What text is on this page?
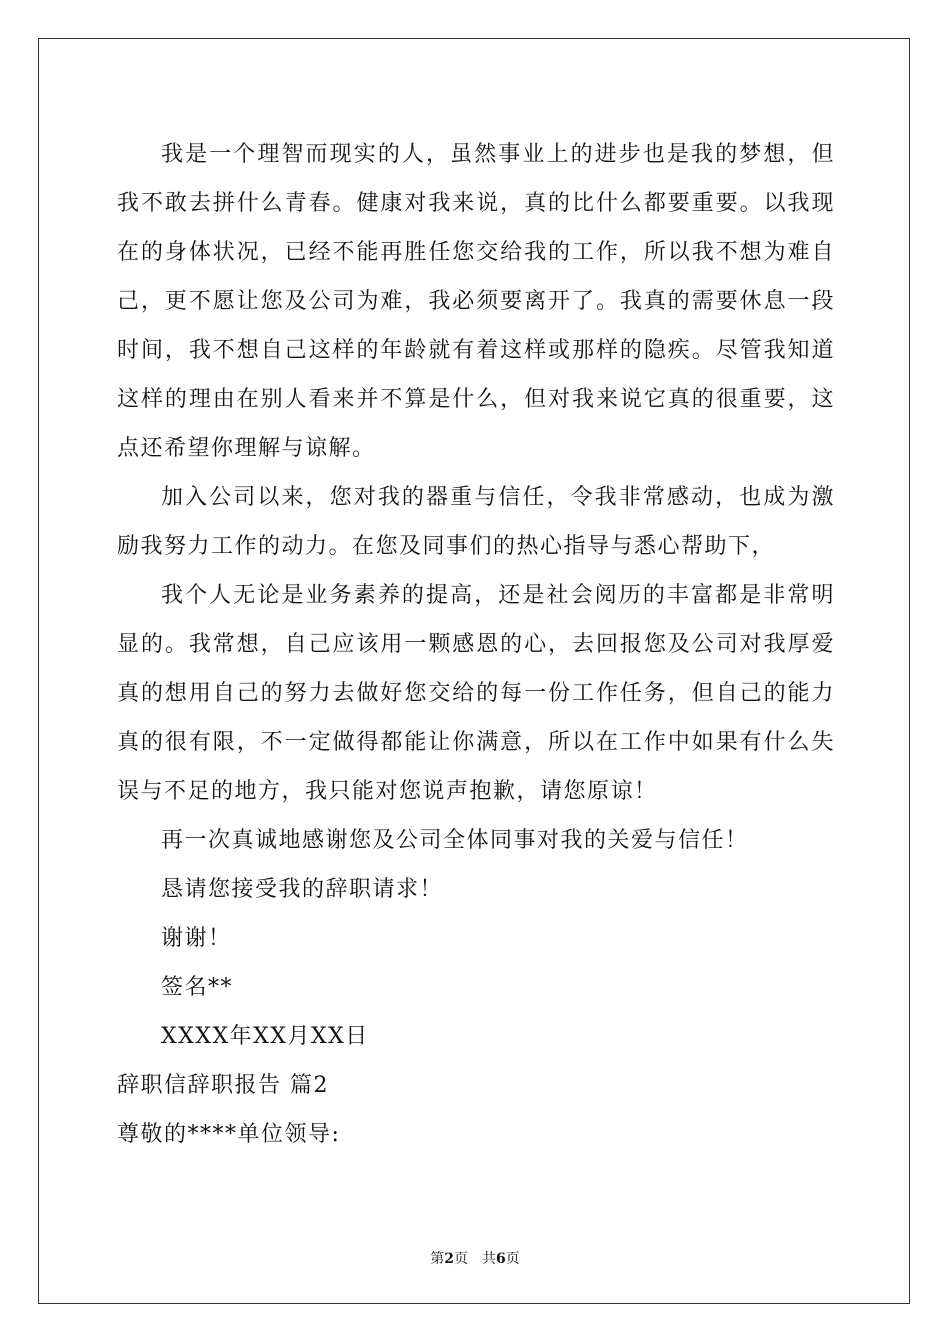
我是一个理智而现实的人，虽然事业上的进步也是我的梦想，但我不敢去拼什么青春。健康对我来说，真的比什么都要重要。以我现在的身体状况，已经不能再胜任您交给我的工作，所以我不想为难自己，更不愿让您及公司为难，我必须要离开了。我真的需要休息一段时间，我不想自己这样的年龄就有着这样或那样的隐疾。尽管我知道这样的理由在别人看来并不算是什么，但对我来说它真的很重要，这点还希望你理解与谅解。

加入公司以来，您对我的器重与信任，令我非常感动，也成为激励我努力工作的动力。在您及同事们的热心指导与悉心帮助下，

我个人无论是业务素养的提高，还是社会阅历的丰富都是非常明显的。我常想，自己应该用一颗感恩的心，去回报您及公司对我厚爱真的想用自己的努力去做好您交给的每一份工作任务，但自己的能力真的很有限，不一定做得都能让你满意，所以在工作中如果有什么失误与不足的地方，我只能对您说声抱歉，请您原谅！

再一次真诚地感谢您及公司全体同事对我的关爱与信任！

恳请您接受我的辞职请求！

谢谢！

签名**

XXXX年XX月XX日

辞职信辞职报告 篇2

尊敬的****单位领导:

第2页 共6页
